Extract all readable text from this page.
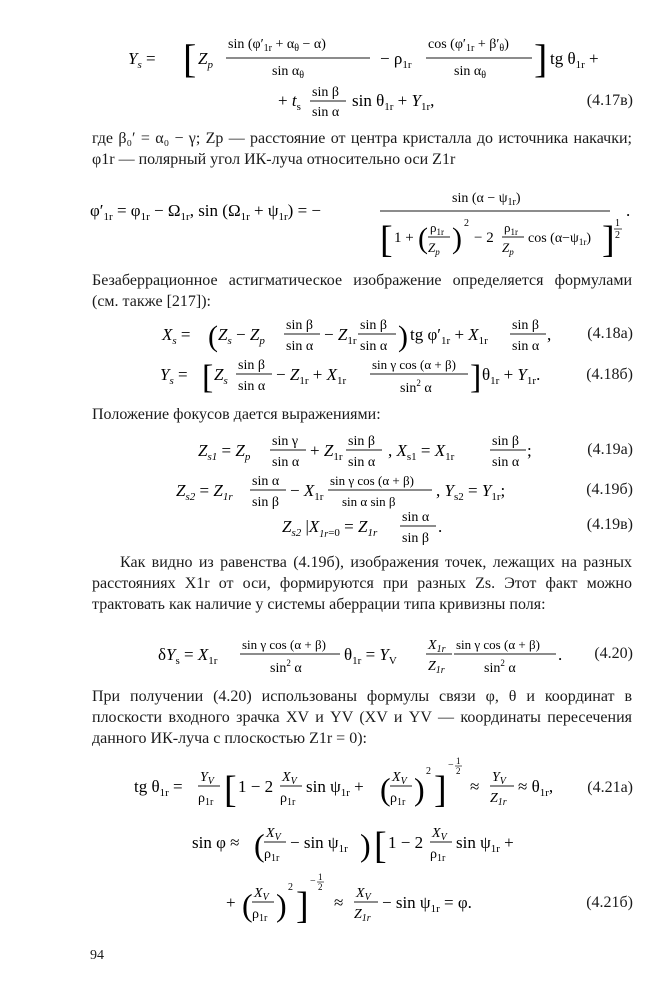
$Y_s$ = [ $Z_p$
$\sin (\varphi'_{1r} + \alpha_\theta - \alpha)$
$\sin \alpha_\theta$
− $\rho_{1r}$
$\cos (\varphi'_{1r} + \beta'_\theta)$
$\sin \alpha_\theta$ ] tg $\theta_{1r}$ +
+ $t_s$
sin β
sin α
$\sin \theta_{1r} + Y_{1r}$,	(4.17в)
где β₀′ = α₀ − γ; Zp — расстояние от центра кристалла до источника накачки; φ1r — полярный угол ИК-луча относительно оси Z1r
$\varphi'_{1r} = \varphi_{1r} - \Omega_{1r}$, $\sin (\Omega_{1r} + \psi_{1r})$ = −
$\sin (\alpha - \psi_{1r})$
[ 1 + ( $\rho_{1r}$
$Z_p$ ) 2
− 2
$\rho_{1r}$
$Z_p$
$\cos (\alpha-\psi_{1r})$ ] 1
2
.
Безаберрационное астигматическое изображение определяется формулами (см. также [217]):
$X_s$ = ( $Z_s - Z_p$
sin β
sin α
− $Z_{1r}$
sin β
sin α ) tg $\varphi'_{1r} + X_{1r}$
sin β
sin α
, (4.18а)
$Y_s$ = [ $Z_s$
sin β
sin α
− $Z_{1r} + X_{1r}$
sin γ cos (α + β)
$\sin^2 \alpha$ ] $\theta_{1r} + Y_{1r}$.	(4.18б)
Положение фокусов дается выражениями:
$Z_{s1} = Z_p$
sin γ
sin α
+ $Z_{1r}$
sin β
sin α
, $X_{s1} = X_{1r}$
sin β
sin α
;	(4.19а)
$Z_{s2} = Z_{1r}$
sin α
sin β
− $X_{1r}$
sin γ cos (α + β)
sin α sin β
, $Y_{s2} = Y_{1r}$;	(4.19б)
$Z_{s2}$ $|X_{1r}=0 = Z_{1r}$
sin α
sin β
.	(4.19в)
Как видно из равенства (4.19б), изображения точек, лежащих на разных расстояниях X1r от оси, формируются при разных Zs. Этот факт можно трактовать как наличие у системы аберрации типа кривизны поля:
$\delta Y_s = X_{1r}$
sin γ cos (α + β)
$\sin^2 \alpha$
$\theta_{1r} = Y_V$
$X_{1r}$
$Z_{1r}$
sin γ cos (α + β)
$\sin^2 \alpha$
. (4.20)
При получении (4.20) использованы формулы связи φ, θ и координат в плоскости входного зрачка XV и YV (XV и YV — координаты пересечения данного ИК-луча с плоскостью Z1r = 0):
tg $\theta_{1r} = Y_V$
$\rho_{1r}$ [ 1 − 2 $X_V$
$\rho_{1r}$
$\sin \psi_{1r}$ + ( $X_V$
$\rho_{1r}$ ) 2 ]
− 1
2
≈ $Y_V$
$Z_{1r}$
≈ $\theta_{1r}$, (4.21а)
sin φ ≈ ( $X_V$
$\rho_{1r}$
− $\sin \psi_{1r}$ ) [ 1 − 2 $X_V$
$\rho_{1r}$
$\sin \psi_{1r}$ +
+ ( $X_V$
$\rho_{1r}$ ) 2 ]
− 1
2
≈ $X_V$
$Z_{1r}$
− $\sin \psi_{1r} = \varphi$.	(4.21б)
94
